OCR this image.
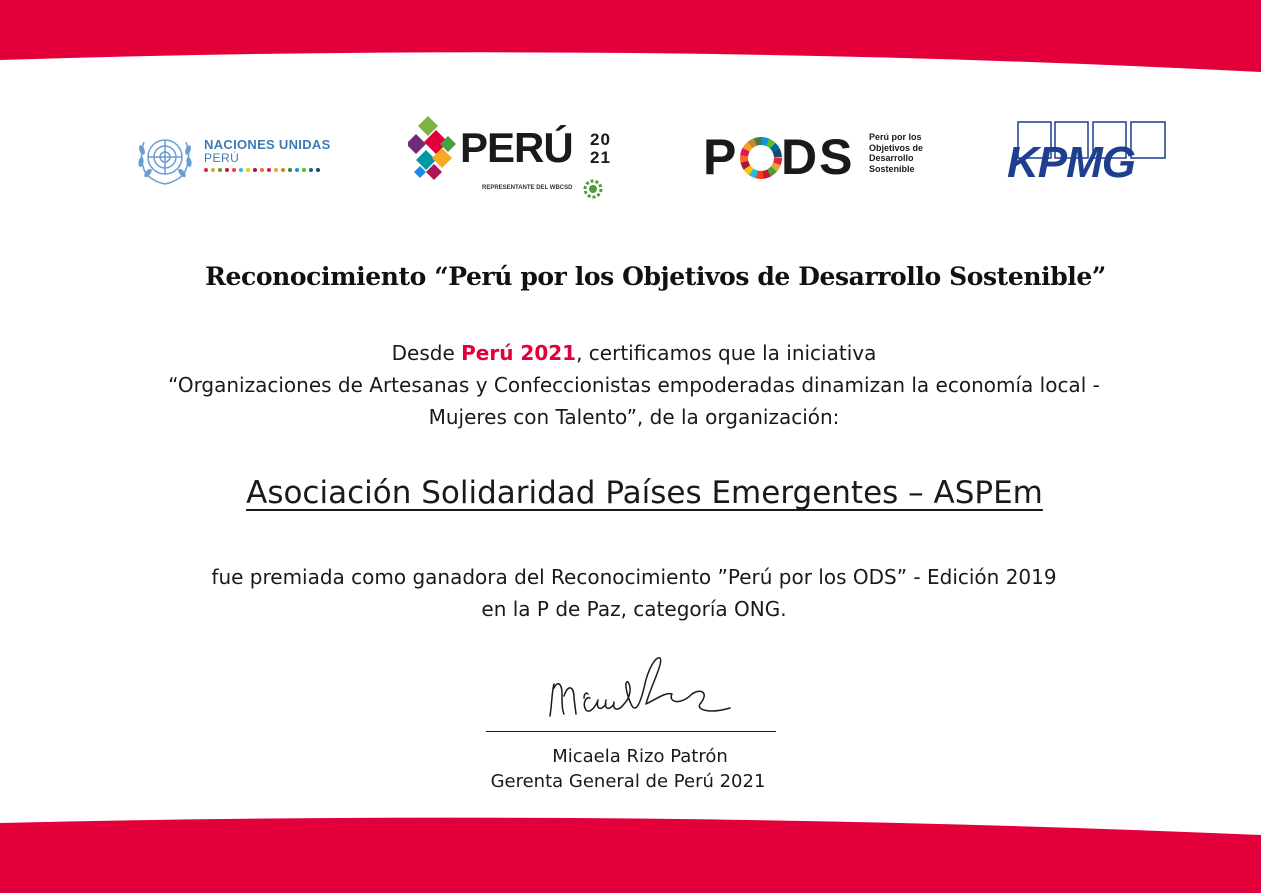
NACIONES UNIDAS
PERÚ	PERÚ 20
21
REPRESENTANTE DEL WBCSD
P DS Perú por los
Objetivos de
Desarrollo
Sostenible KPMG
Reconocimiento “Perú por los Objetivos de Desarrollo Sostenible”
Desde Perú 2021, certificamos que la iniciativa
“Organizaciones de Artesanas y Confeccionistas empoderadas dinamizan la economía local -
Mujeres con Talento”, de la organización:
Asociación Solidaridad Países Emergentes – ASPEm
fue premiada como ganadora del Reconocimiento ”Perú por los ODS” - Edición 2019
en la P de Paz, categoría ONG.
Micaela Rizo Patrón
Gerenta General de Perú 2021
